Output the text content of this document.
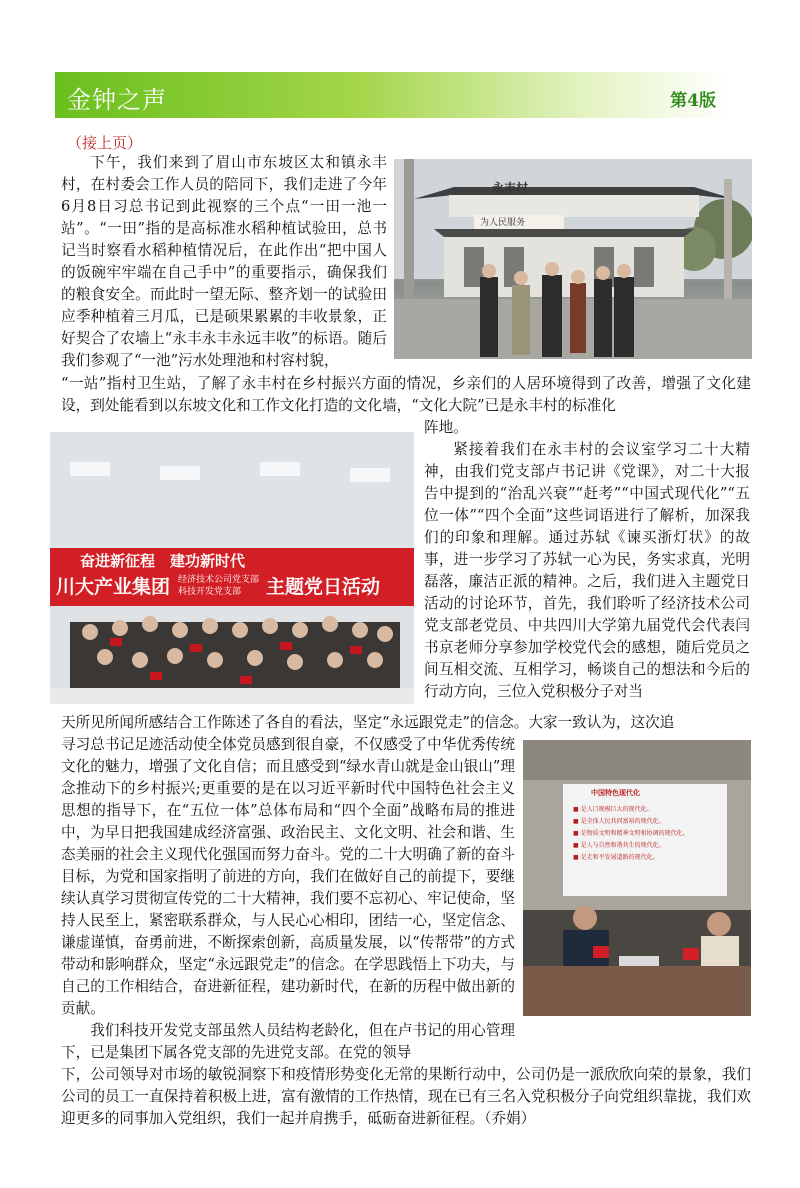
金钟之声	第4版
（接上页）
下午，我们来到了眉山市东坡区太和镇永丰村，在村委会工作人员的陪同下，我们走进了今年6月8日习总书记到此视察的三个点“一田一池一站”。“一田”指的是高标准水稻种植试验田，总书记当时察看水稻种植情况后，在此作出“把中国人的饭碗牢牢端在自己手中”的重要指示，确保我们的粮食安全。而此时一望无际、整齐划一的试验田应季种植着三月瓜，已是硕果累累的丰收景象，正好契合了农墙上“永丰永丰永远丰收”的标语。随后我们参观了“一池”污水处理池和村容村貌，
“一站”指村卫生站，了解了永丰村在乡村振兴方面的情况，乡亲们的人居环境得到了改善，增强了文化建设，到处能看到以东坡文化和工作文化打造的文化墙，“文化大院”已是永丰村的标准化
阵地。
紧接着我们在永丰村的会议室学习二十大精神，由我们党支部卢书记讲《党课》，对二十大报告中提到的“治乱兴衰”“赶考”“中国式现代化”“五位一体”“四个全面”这些词语进行了解析，加深我们的印象和理解。通过苏轼《谏买浙灯状》的故事，进一步学习了苏轼一心为民，务实求真，光明磊落，廉洁正派的精神。之后，我们进入主题党日活动的讨论环节，首先，我们聆听了经济技术公司党支部老党员、中共四川大学第九届党代会代表闫书京老师分享参加学校党代会的感想，随后党员之间互相交流、互相学习，畅谈自己的想法和今后的行动方向，三位入党积极分子对当
天所见所闻所感结合工作陈述了各自的看法，坚定“永远跟党走”的信念。大家一致认为，这次追
寻习总书记足迹活动使全体党员感到很自豪，不仅感受了中华优秀传统文化的魅力，增强了文化自信；而且感受到“绿水青山就是金山银山”理念推动下的乡村振兴;更重要的是在以习近平新时代中国特色社会主义思想的指导下，在“五位一体”总体布局和“四个全面”战略布局的推进中，为早日把我国建成经济富强、政治民主、文化文明、社会和谐、生态美丽的社会主义现代化强国而努力奋斗。党的二十大明确了新的奋斗目标，为党和国家指明了前进的方向，我们在做好自己的前提下，要继续认真学习贯彻宣传党的二十大精神，我们要不忘初心、牢记使命，坚持人民至上，紧密联系群众，与人民心心相印，团结一心，坚定信念、谦虚谨慎，奋勇前进，不断探索创新，高质量发展，以“传帮带”的方式带动和影响群众，坚定“永远跟党走”的信念。在学思践悟上下功夫，与自己的工作相结合，奋进新征程，建功新时代，在新的历程中做出新的贡献。
我们科技开发党支部虽然人员结构老龄化，但在卢书记的用心管理下，已是集团下属各党支部的先进党支部。在党的领导
下，公司领导对市场的敏锐洞察下和疫情形势变化无常的果断行动中，公司仍是一派欣欣向荣的景象，我们公司的员工一直保持着积极上进，富有激情的工作热情，现在已有三名入党积极分子向党组织靠拢，我们欢迎更多的同事加入党组织，我们一起并肩携手，砥砺奋进新征程。（乔娟）
永丰村
为人民服务
奋进新征程　建功新时代
川大产业集团 经济技术公司党支部
科技开发党支部 主题党日活动
中国特色现代化
■ 是人口规模巨大的现代化。
■ 是全体人民共同富裕的现代化。
■ 是物质文明和精神文明相协调的现代化。
■ 是人与自然和谐共生的现代化。
■ 是走和平发展道路的现代化。
